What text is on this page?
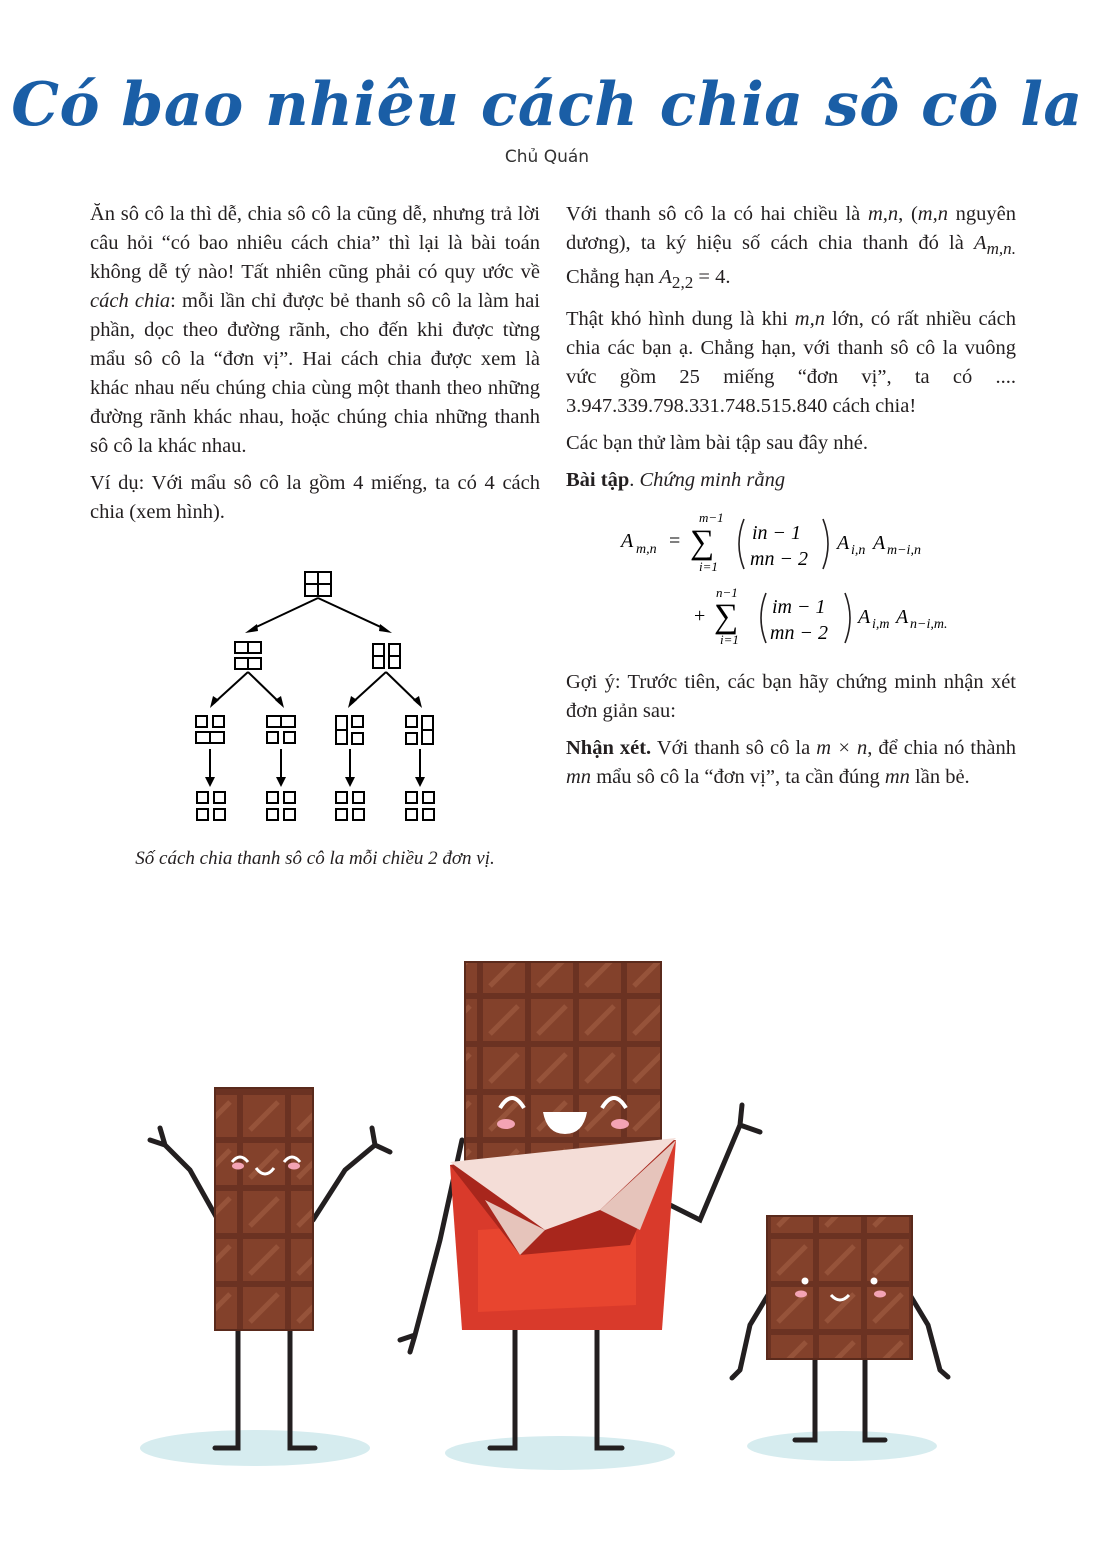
Có bao nhiêu cách chia sô cô la
Chủ Quán

Ăn sô cô la thì dễ, chia sô cô la cũng dễ, nhưng trả lời câu hỏi “có bao nhiêu cách chia” thì lại là bài toán không dễ tý nào! Tất nhiên cũng phải có quy ước về cách chia: mỗi lần chỉ được bẻ thanh sô cô la làm hai phần, dọc theo đường rãnh, cho đến khi được từng mẩu sô cô la “đơn vị”. Hai cách chia được xem là khác nhau nếu chúng chia cùng một thanh theo những đường rãnh khác nhau, hoặc chúng chia những thanh sô cô la khác nhau.

Ví dụ: Với mẩu sô cô la gồm 4 miếng, ta có 4 cách chia (xem hình).

Số cách chia thanh sô cô la mỗi chiều 2 đơn vị.

Với thanh sô cô la có hai chiều là m,n, (m,n nguyên dương), ta ký hiệu số cách chia thanh đó là $A_{m,n.}$ Chẳng hạn $A_{2,2} = 4$.

Thật khó hình dung là khi m,n lớn, có rất nhiều cách chia các bạn ạ. Chẳng hạn, với thanh sô cô la vuông vức gồm 25 miếng “đơn vị”, ta có .... 3.947.339.798.331.748.515.840 cách chia!

Các bạn thử làm bài tập sau đây nhé.

Bài tập. Chứng minh rằng

A m,n =
m−1
∑
i=1
in − 1
mn − 2
A i,n A m−i,n
+
n−1
∑
i=1
im − 1
mn − 2
A i,m A n−i,m.

Gợi ý: Trước tiên, các bạn hãy chứng minh nhận xét đơn giản sau:

Nhận xét. Với thanh sô cô la m × n, để chia nó thành mn mẩu sô cô la “đơn vị”, ta cần đúng mn lần bẻ.
